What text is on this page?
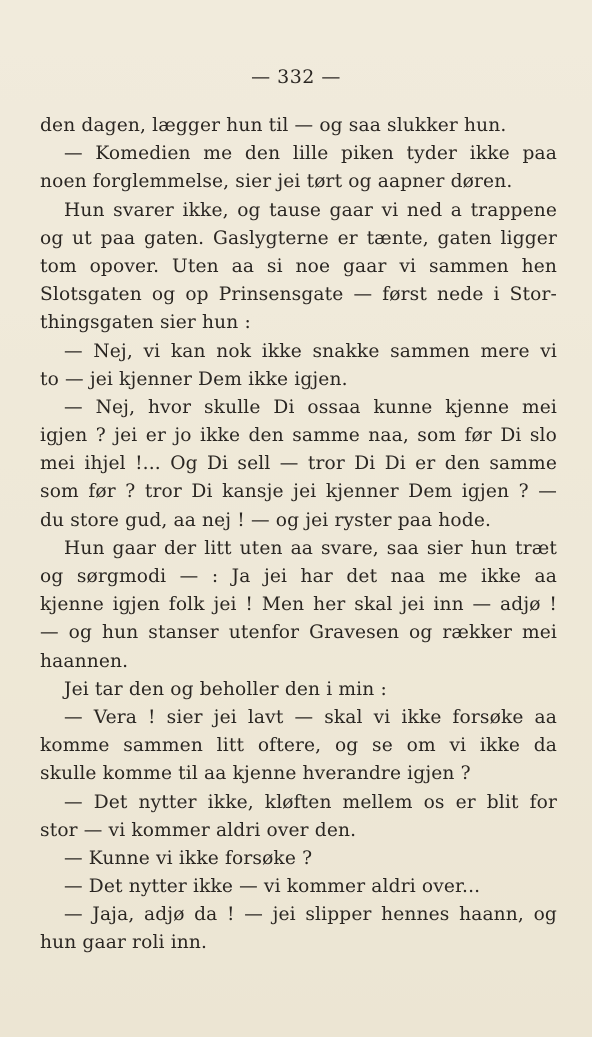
— 332 —
den dagen, lægger hun til — og saa slukker hun.
— Komedien me den lille piken tyder ikke paa
noen forglemmelse, sier jei tørt og aapner døren.
Hun svarer ikke, og tause gaar vi ned a trappene
og ut paa gaten. Gaslygterne er tænte, gaten ligger
tom opover. Uten aa si noe gaar vi sammen hen
Slotsgaten og op Prinsensgate — først nede i Stor-
thingsgaten sier hun :
— Nej, vi kan nok ikke snakke sammen mere vi
to — jei kjenner Dem ikke igjen.
— Nej, hvor skulle Di ossaa kunne kjenne mei
igjen ? jei er jo ikke den samme naa, som før Di slo
mei ihjel !... Og Di sell — tror Di Di er den samme
som før ? tror Di kansje jei kjenner Dem igjen ? —
du store gud, aa nej ! — og jei ryster paa hode.
Hun gaar der litt uten aa svare, saa sier hun træt
og sørgmodi — : Ja jei har det naa me ikke aa
kjenne igjen folk jei ! Men her skal jei inn — adjø !
— og hun stanser utenfor Gravesen og rækker mei
haannen.
Jei tar den og beholler den i min :
— Vera ! sier jei lavt — skal vi ikke forsøke aa
komme sammen litt oftere, og se om vi ikke da
skulle komme til aa kjenne hverandre igjen ?
— Det nytter ikke, kløften mellem os er blit for
stor — vi kommer aldri over den.
— Kunne vi ikke forsøke ?
— Det nytter ikke — vi kommer aldri over...
— Jaja, adjø da ! — jei slipper hennes haann, og
hun gaar roli inn.
